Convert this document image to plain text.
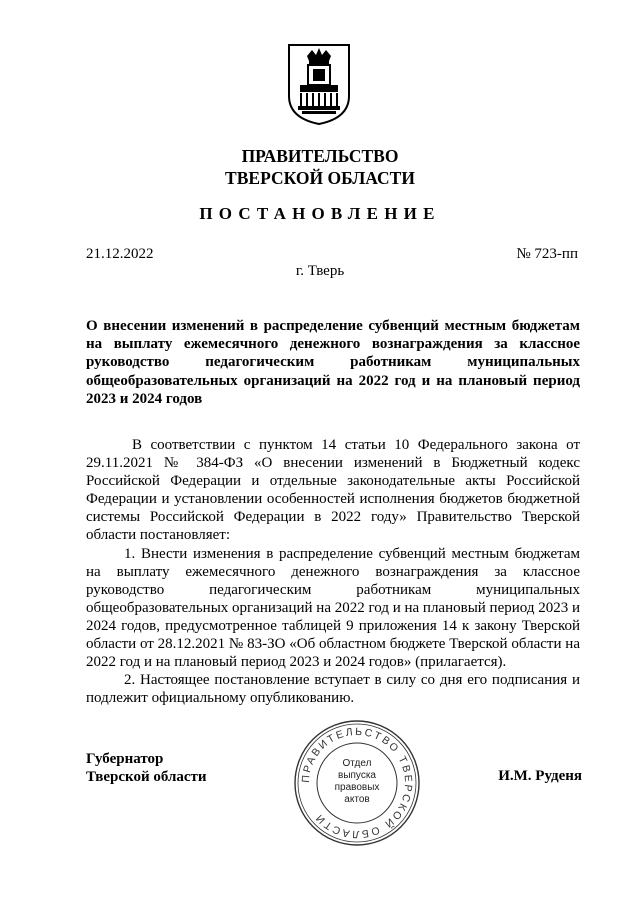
ПРАВИТЕЛЬСТВО
ТВЕРСКОЙ ОБЛАСТИ
ПОСТАНОВЛЕНИЕ
21.12.2022	№ 723-пп
г. Тверь
О внесении изменений в распределение субвенций местным бюджетам на выплату ежемесячного денежного вознаграждения за классное руководство педагогическим работникам муниципальных общеобразовательных организаций на 2022 год и на плановый период 2023 и 2024 годов

В соответствии с пунктом 14 статьи 10 Федерального закона от 29.11.2021 № 384-ФЗ «О внесении изменений в Бюджетный кодекс Российской Федерации и отдельные законодательные акты Российской Федерации и установлении особенностей исполнения бюджетов бюджетной системы Российской Федерации в 2022 году» Правительство Тверской области постановляет:

1. Внести изменения в распределение субвенций местным бюджетам на выплату ежемесячного денежного вознаграждения за классное руководство педагогическим работникам муниципальных общеобразовательных организаций на 2022 год и на плановый период 2023 и 2024 годов, предусмотренное таблицей 9 приложения 14 к закону Тверской области от 28.12.2021 № 83-ЗО «Об областном бюджете Тверской области на 2022 год и на плановый период 2023 и 2024 годов» (прилагается).

2. Настоящее постановление вступает в силу со дня его подписания и подлежит официальному опубликованию.

Губернатор
Тверской области	И.М. Руденя
ПРАВИТЕЛЬСТВО ТВЕРСКОЙ ОБЛАСТИ
Отдел
выпуска
правовых
актов
